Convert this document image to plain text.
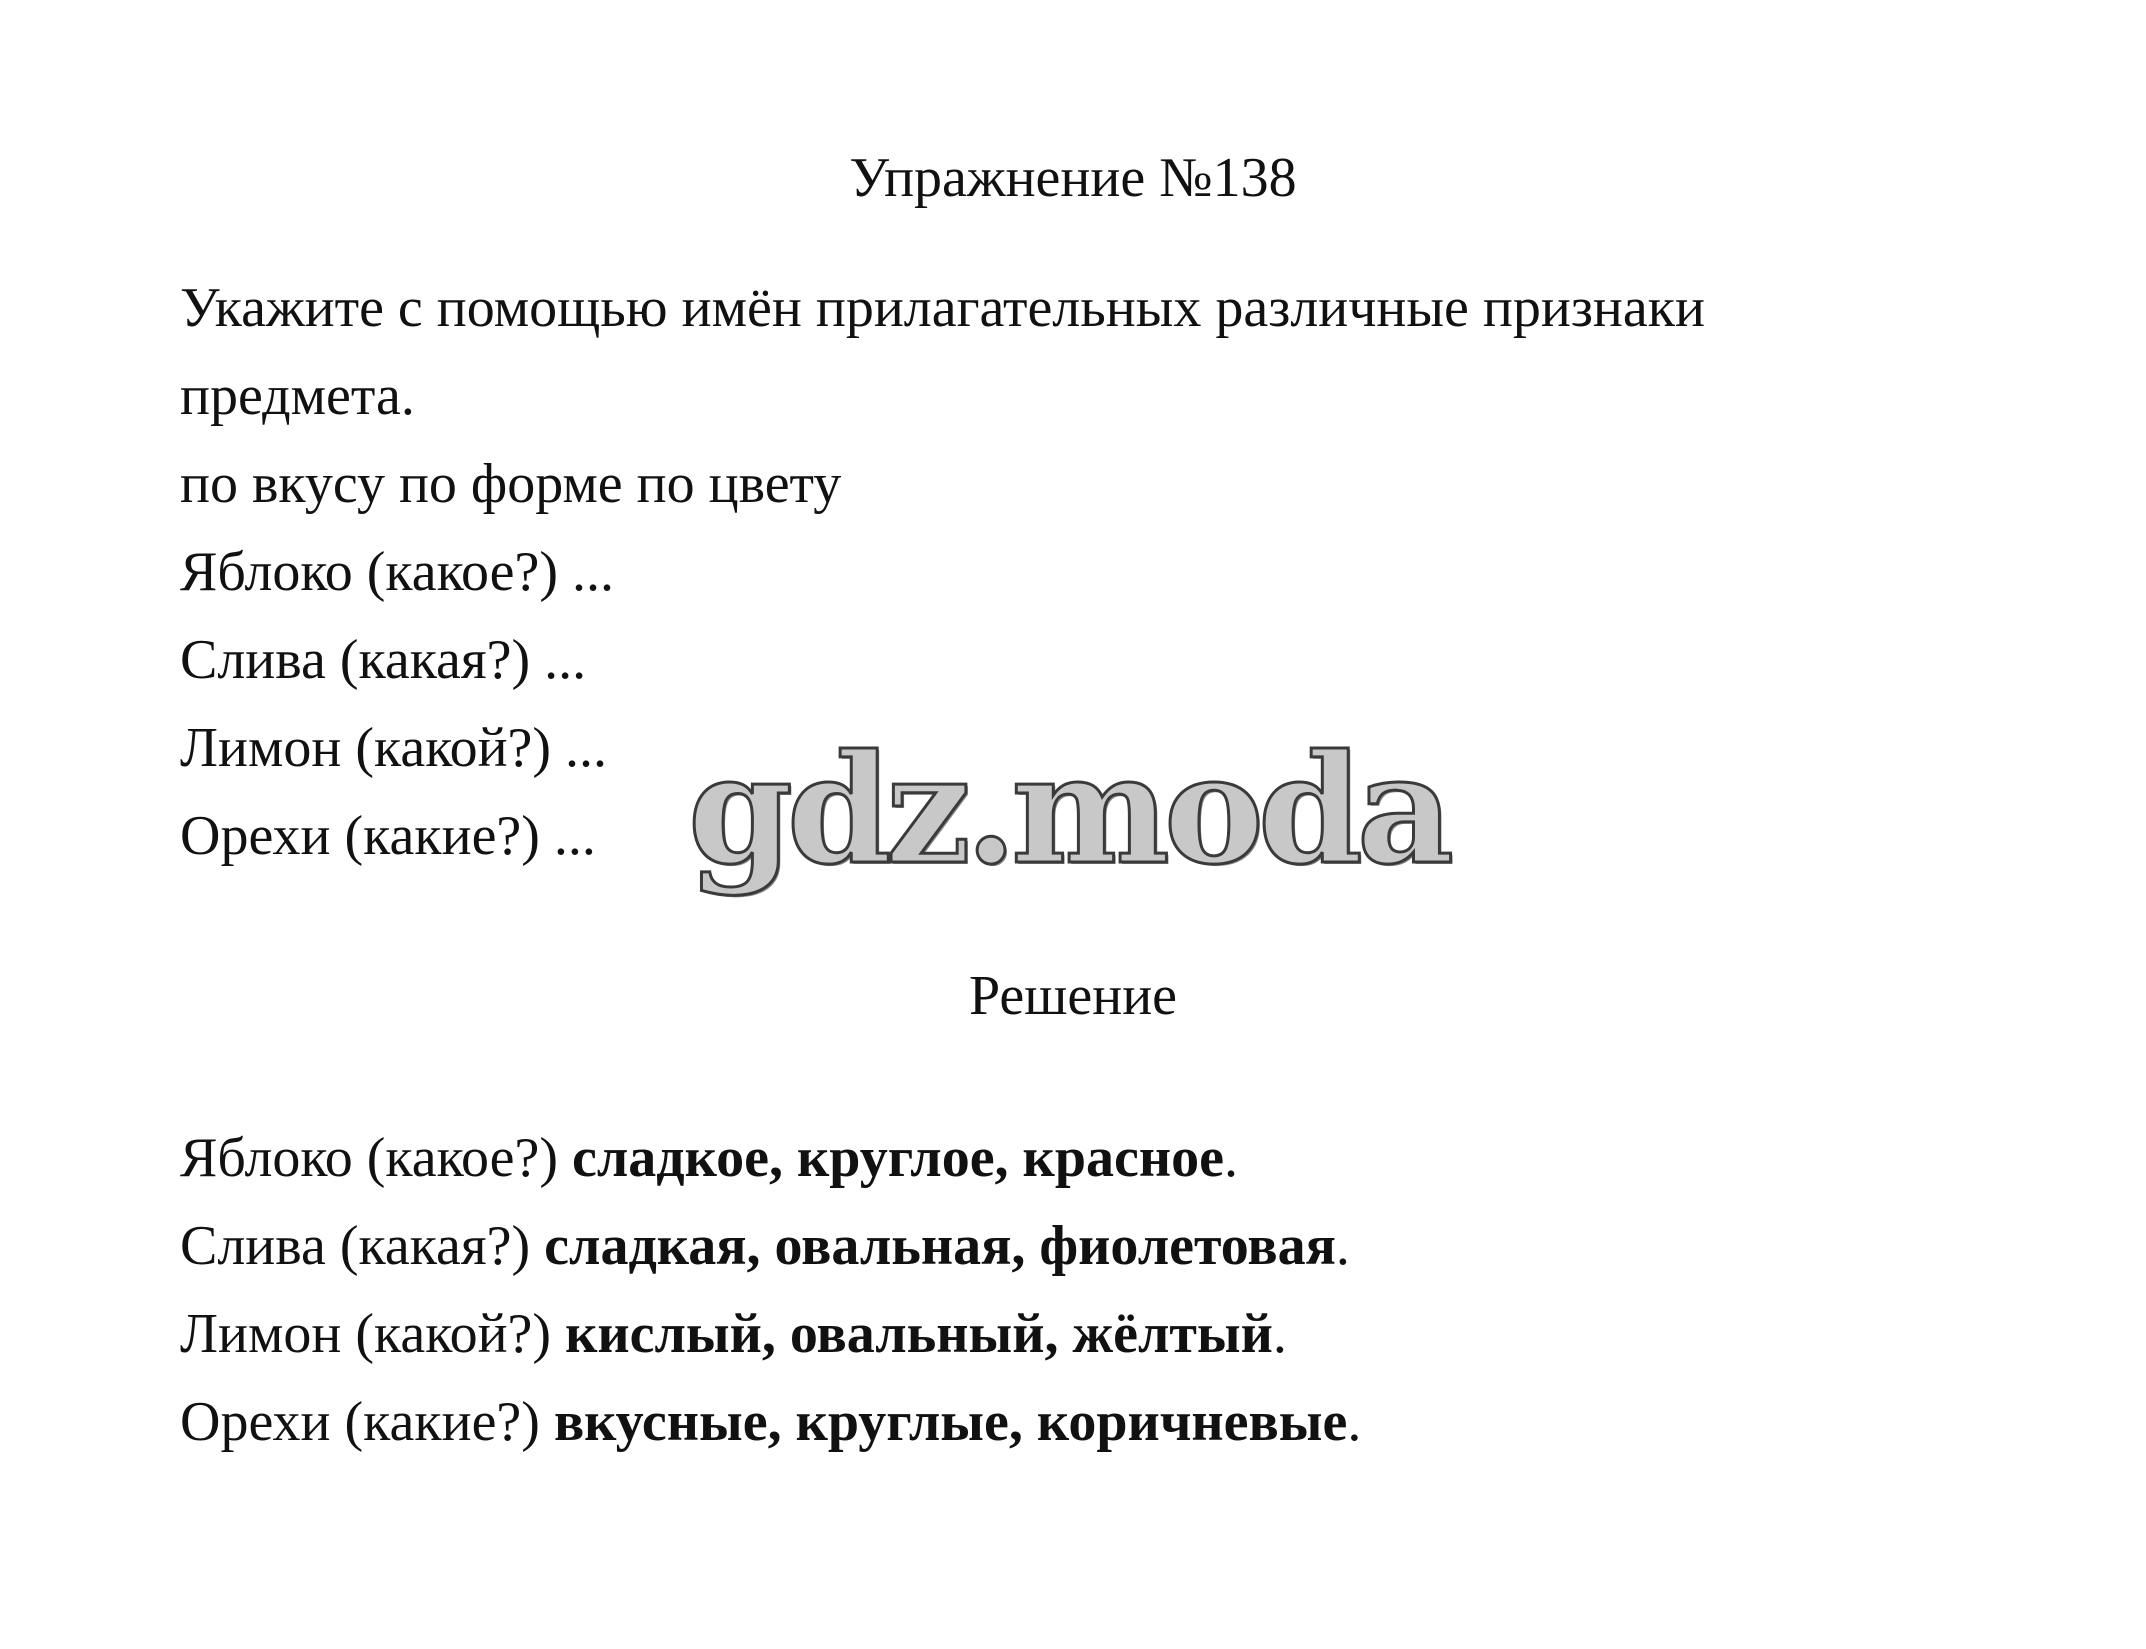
Упражнение №138
Укажите с помощью имён прилагательных различные признаки
предмета.
по вкусу по форме по цвету
Яблоко (какое?) ...
Слива (какая?) ...
Лимон (какой?) ...
Орехи (какие?) ... gdz.moda
Решение
Яблоко (какое?) сладкое, круглое, красное.
Слива (какая?) сладкая, овальная, фиолетовая.
Лимон (какой?) кислый, овальный, жёлтый.
Орехи (какие?) вкусные, круглые, коричневые.
